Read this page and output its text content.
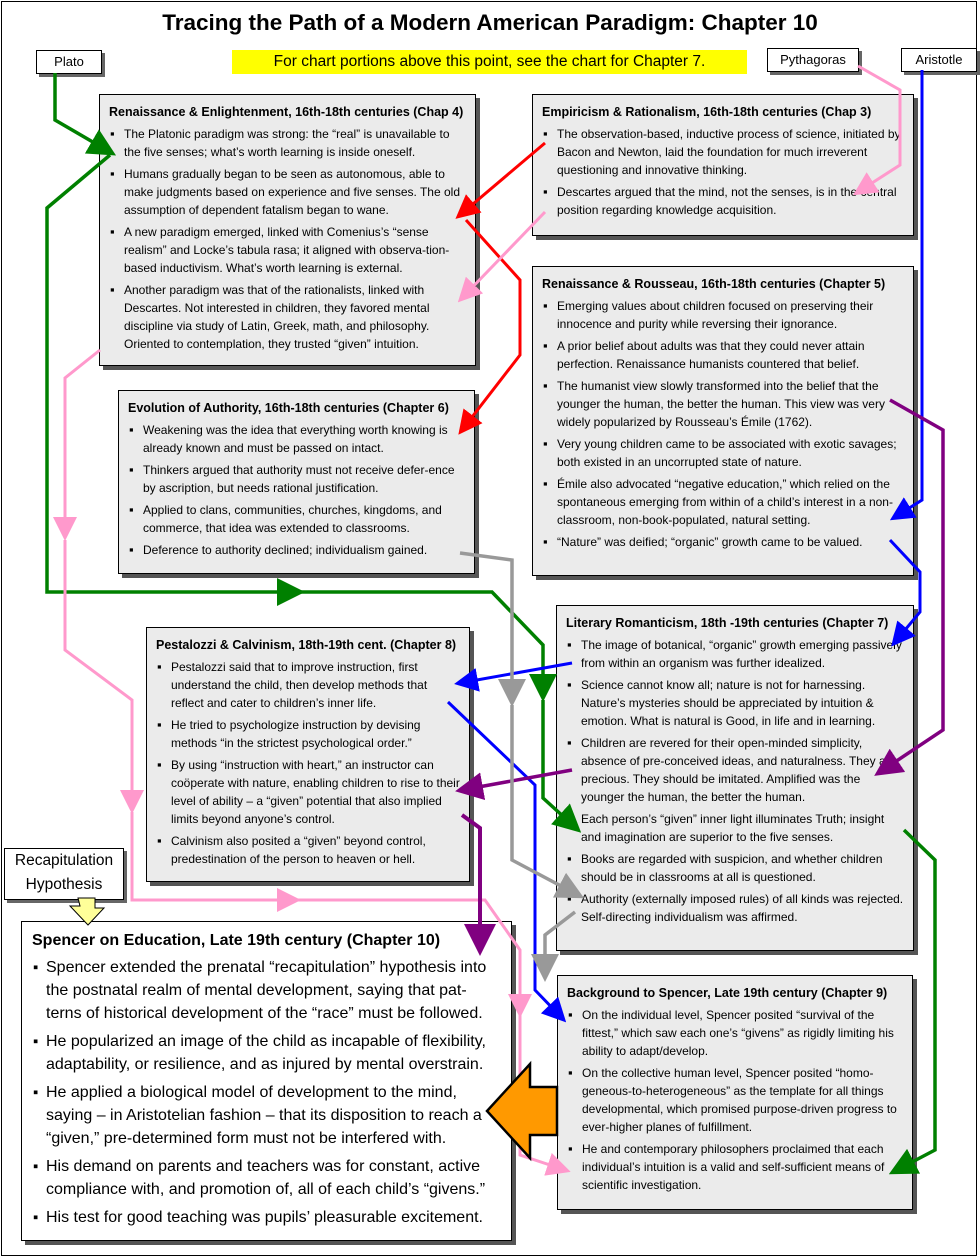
Tracing the Path of a Modern American Paradigm: Chapter 10
For chart portions above this point, see the chart for Chapter 7.
Plato	Pythagoras	Aristotle
Recapitulation Hypothesis
Renaissance & Enlightenment, 16th-18th centuries (Chap 4)
▪ The Platonic paradigm was strong: the “real” is unavailable to the five senses; what’s worth learning is inside oneself.
▪ Humans gradually began to be seen as autonomous, able to make judgments based on experience and five senses. The old assumption of dependent fatalism began to wane.
▪ A new paradigm emerged, linked with Comenius’s “sense realism” and Locke’s tabula rasa; it aligned with observa-tion-based inductivism. What’s worth learning is external.
▪ Another paradigm was that of the rationalists, linked with Descartes. Not interested in children, they favored mental discipline via study of Latin, Greek, math, and philosophy. Oriented to contemplation, they trusted “given” intuition.
Empiricism & Rationalism, 16th-18th centuries (Chap 3)
▪ The observation-based, inductive process of science, initiated by Bacon and Newton, laid the foundation for much irreverent questioning and innovative thinking.
▪ Descartes argued that the mind, not the senses, is in the central position regarding knowledge acquisition.
Renaissance & Rousseau, 16th-18th centuries (Chapter 5)
▪ Emerging values about children focused on preserving their innocence and purity while reversing their ignorance.
▪ A prior belief about adults was that they could never attain perfection. Renaissance humanists countered that belief.
▪ The humanist view slowly transformed into the belief that the younger the human, the better the human. This view was very widely popularized by Rousseau’s Émile (1762).
▪ Very young children came to be associated with exotic savages; both existed in an uncorrupted state of nature.
▪ Émile also advocated “negative education,” which relied on the spontaneous emerging from within of a child’s interest in a non-classroom, non-book-populated, natural setting.
▪ “Nature” was deified; “organic” growth came to be valued.
Evolution of Authority, 16th-18th centuries (Chapter 6)
▪ Weakening was the idea that everything worth knowing is already known and must be passed on intact.
▪ Thinkers argued that authority must not receive defer-ence by ascription, but needs rational justification.
▪ Applied to clans, communities, churches, kingdoms, and commerce, that idea was extended to classrooms.
▪ Deference to authority declined; individualism gained.
Literary Romanticism, 18th -19th centuries (Chapter 7)
▪ The image of botanical, “organic” growth emerging passively from within an organism was further idealized.
▪ Science cannot know all; nature is not for harnessing. Nature’s mysteries should be appreciated by intuition & emotion. What is natural is Good, in life and in learning.
▪ Children are revered for their open-minded simplicity, absence of pre-conceived ideas, and naturalness. They are precious. They should be imitated. Amplified was the younger the human, the better the human.
▪ Each person’s “given” inner light illuminates Truth; insight and imagination are superior to the five senses.
▪ Books are regarded with suspicion, and whether children should be in classrooms at all is questioned.
▪ Authority (externally imposed rules) of all kinds was rejected. Self-directing individualism was affirmed.
Pestalozzi & Calvinism, 18th-19th cent. (Chapter 8)
▪ Pestalozzi said that to improve instruction, first understand the child, then develop methods that reflect and cater to children’s inner life.
▪ He tried to psychologize instruction by devising methods “in the strictest psychological order.”
▪ By using “instruction with heart,” an instructor can coöperate with nature, enabling children to rise to their level of ability – a “given” potential that also implied limits beyond anyone’s control.
▪ Calvinism also posited a “given” beyond control, predestination of the person to heaven or hell.
Spencer on Education, Late 19th century (Chapter 10)
▪ Spencer extended the prenatal “recapitulation” hypothesis into the postnatal realm of mental development, saying that pat-terns of historical development of the “race” must be followed.
▪ He popularized an image of the child as incapable of flexibility, adaptability, or resilience, and as injured by mental overstrain.
▪ He applied a biological model of development to the mind, saying – in Aristotelian fashion – that its disposition to reach a “given,” pre-determined form must not be interfered with.
▪ His demand on parents and teachers was for constant, active compliance with, and promotion of, all of each child’s “givens.”
▪ His test for good teaching was pupils’ pleasurable excitement.
Background to Spencer, Late 19th century (Chapter 9)
▪ On the individual level, Spencer posited “survival of the fittest,” which saw each one’s “givens” as rigidly limiting his ability to adapt/develop.
▪ On the collective human level, Spencer posited “homo-geneous-to-heterogeneous” as the template for all things developmental, which promised purpose-driven progress to ever-higher planes of fulfillment.
▪ He and contemporary philosophers proclaimed that each individual’s intuition is a valid and self-sufficient means of scientific investigation.
